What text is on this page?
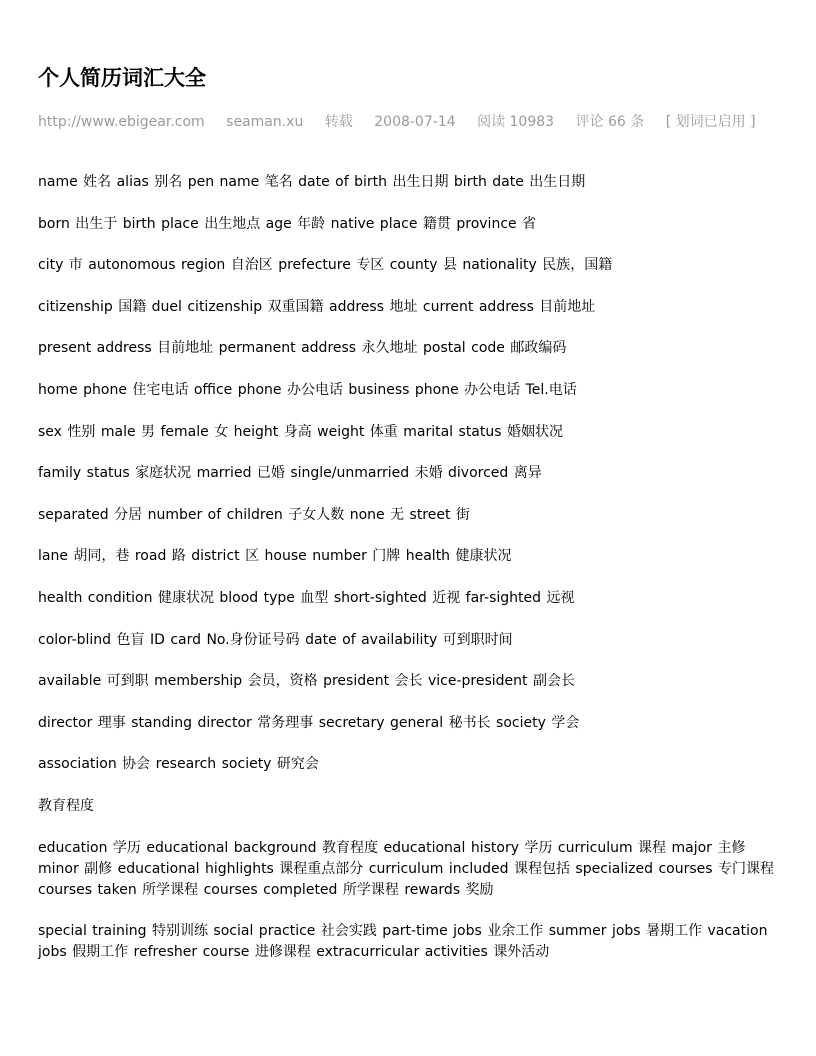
个人简历词汇大全
http://www.ebigear.com seaman.xu 转载 2008-07-14 阅读 10983 评论 66 条 [ 划词已启用 ]

name 姓名 alias 别名 pen name 笔名 date of birth 出生日期 birth date 出生日期

born 出生于 birth place 出生地点 age 年龄 native place 籍贯 province 省

city 市 autonomous region 自治区 prefecture 专区 county 县 nationality 民族，国籍

citizenship 国籍 duel citizenship 双重国籍 address 地址 current address 目前地址

present address 目前地址 permanent address 永久地址 postal code 邮政编码

home phone 住宅电话 office phone 办公电话 business phone 办公电话 Tel.电话

sex 性别 male 男 female 女 height 身高 weight 体重 marital status 婚姻状况

family status 家庭状况 married 已婚 single/unmarried 未婚 divorced 离异

separated 分居 number of children 子女人数 none 无 street 街

lane 胡同，巷 road 路 district 区 house number 门牌 health 健康状况

health condition 健康状况 blood type 血型 short-sighted 近视 far-sighted 远视

color-blind 色盲 ID card No.身份证号码 date of availability 可到职时间

available 可到职 membership 会员，资格 president 会长 vice-president 副会长

director 理事 standing director 常务理事 secretary general 秘书长 society 学会

association 协会 research society 研究会

教育程度

education 学历 educational background 教育程度 educational history 学历 curriculum 课程 major 主修 minor 副修 educational highlights 课程重点部分 curriculum included 课程包括 specialized courses 专门课程 courses taken 所学课程 courses completed 所学课程 rewards 奖励

special training 特别训练 social practice 社会实践 part-time jobs 业余工作 summer jobs 暑期工作 vacation jobs 假期工作 refresher course 进修课程 extracurricular activities 课外活动
